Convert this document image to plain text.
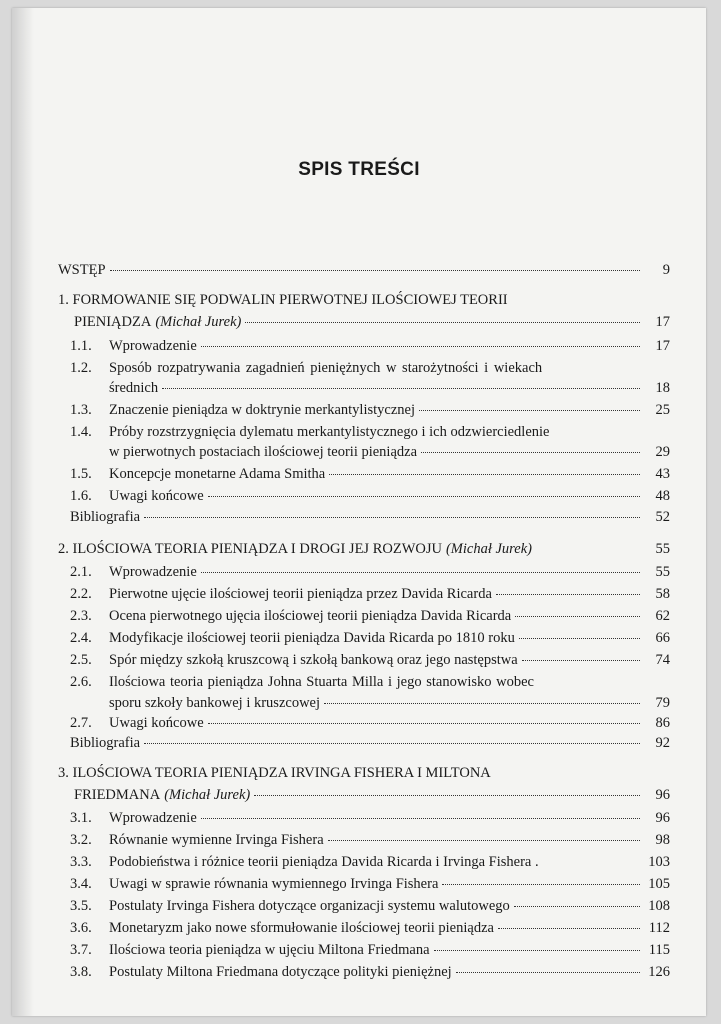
SPIS TREŚCI
WSTĘP	9
1. FORMOWANIE SIĘ PODWALIN PIERWOTNEJ ILOŚCIOWEJ TEORII
PIENIĄDZA (Michał Jurek)	17
1.1.	Wprowadzenie	17
1.2.	Sposób rozpatrywania zagadnień pieniężnych w starożytności i wiekach
średnich	18
1.3.	Znaczenie pieniądza w doktrynie merkantylistycznej	25
1.4.	Próby rozstrzygnięcia dylematu merkantylistycznego i ich odzwierciedlenie
w pierwotnych postaciach ilościowej teorii pieniądza	29
1.5.	Koncepcje monetarne Adama Smitha	43
1.6.	Uwagi końcowe	48
Bibliografia	52
2. ILOŚCIOWA TEORIA PIENIĄDZA I DROGI JEJ ROZWOJU (Michał Jurek)	55
2.1.	Wprowadzenie	55
2.2.	Pierwotne ujęcie ilościowej teorii pieniądza przez Davida Ricarda	58
2.3.	Ocena pierwotnego ujęcia ilościowej teorii pieniądza Davida Ricarda	62
2.4.	Modyfikacje ilościowej teorii pieniądza Davida Ricarda po 1810 roku	66
2.5.	Spór między szkołą kruszcową i szkołą bankową oraz jego następstwa	74
2.6.	Ilościowa teoria pieniądza Johna Stuarta Milla i jego stanowisko wobec
sporu szkoły bankowej i kruszcowej	79
2.7.	Uwagi końcowe	86
Bibliografia	92
3. ILOŚCIOWA TEORIA PIENIĄDZA IRVINGA FISHERA I MILTONA
FRIEDMANA (Michał Jurek)	96
3.1.	Wprowadzenie	96
3.2.	Równanie wymienne Irvinga Fishera	98
3.3.	Podobieństwa i różnice teorii pieniądza Davida Ricarda i Irvinga Fishera .	103
3.4.	Uwagi w sprawie równania wymiennego Irvinga Fishera	105
3.5.	Postulaty Irvinga Fishera dotyczące organizacji systemu walutowego	108
3.6.	Monetaryzm jako nowe sformułowanie ilościowej teorii pieniądza	112
3.7.	Ilościowa teoria pieniądza w ujęciu Miltona Friedmana	115
3.8.	Postulaty Miltona Friedmana dotyczące polityki pieniężnej	126
